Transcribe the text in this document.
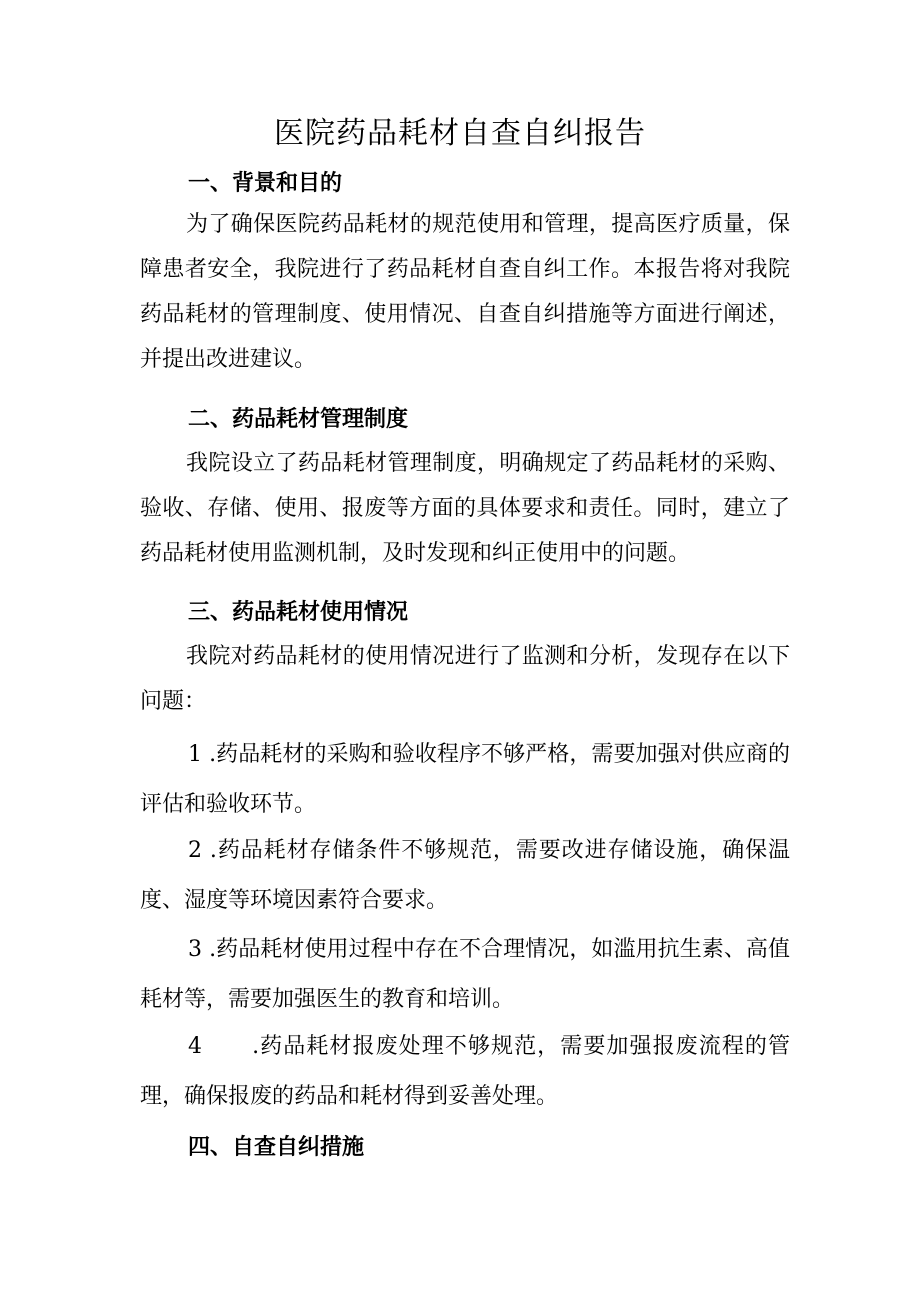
医院药品耗材自查自纠报告
一、背景和目的

为了确保医院药品耗材的规范使用和管理，提高医疗质量，保障患者安全，我院进行了药品耗材自查自纠工作。本报告将对我院药品耗材的管理制度、使用情况、自查自纠措施等方面进行阐述，并提出改进建议。

二、药品耗材管理制度

我院设立了药品耗材管理制度，明确规定了药品耗材的采购、验收、存储、使用、报废等方面的具体要求和责任。同时，建立了药品耗材使用监测机制，及时发现和纠正使用中的问题。

三、药品耗材使用情况

我院对药品耗材的使用情况进行了监测和分析，发现存在以下问题：

1 .药品耗材的采购和验收程序不够严格，需要加强对供应商的评估和验收环节。

2 .药品耗材存储条件不够规范，需要改进存储设施，确保温度、湿度等环境因素符合要求。

3 .药品耗材使用过程中存在不合理情况，如滥用抗生素、高值耗材等，需要加强医生的教育和培训。

4 .药品耗材报废处理不够规范，需要加强报废流程的管理，确保报废的药品和耗材得到妥善处理。

四、自查自纠措施
